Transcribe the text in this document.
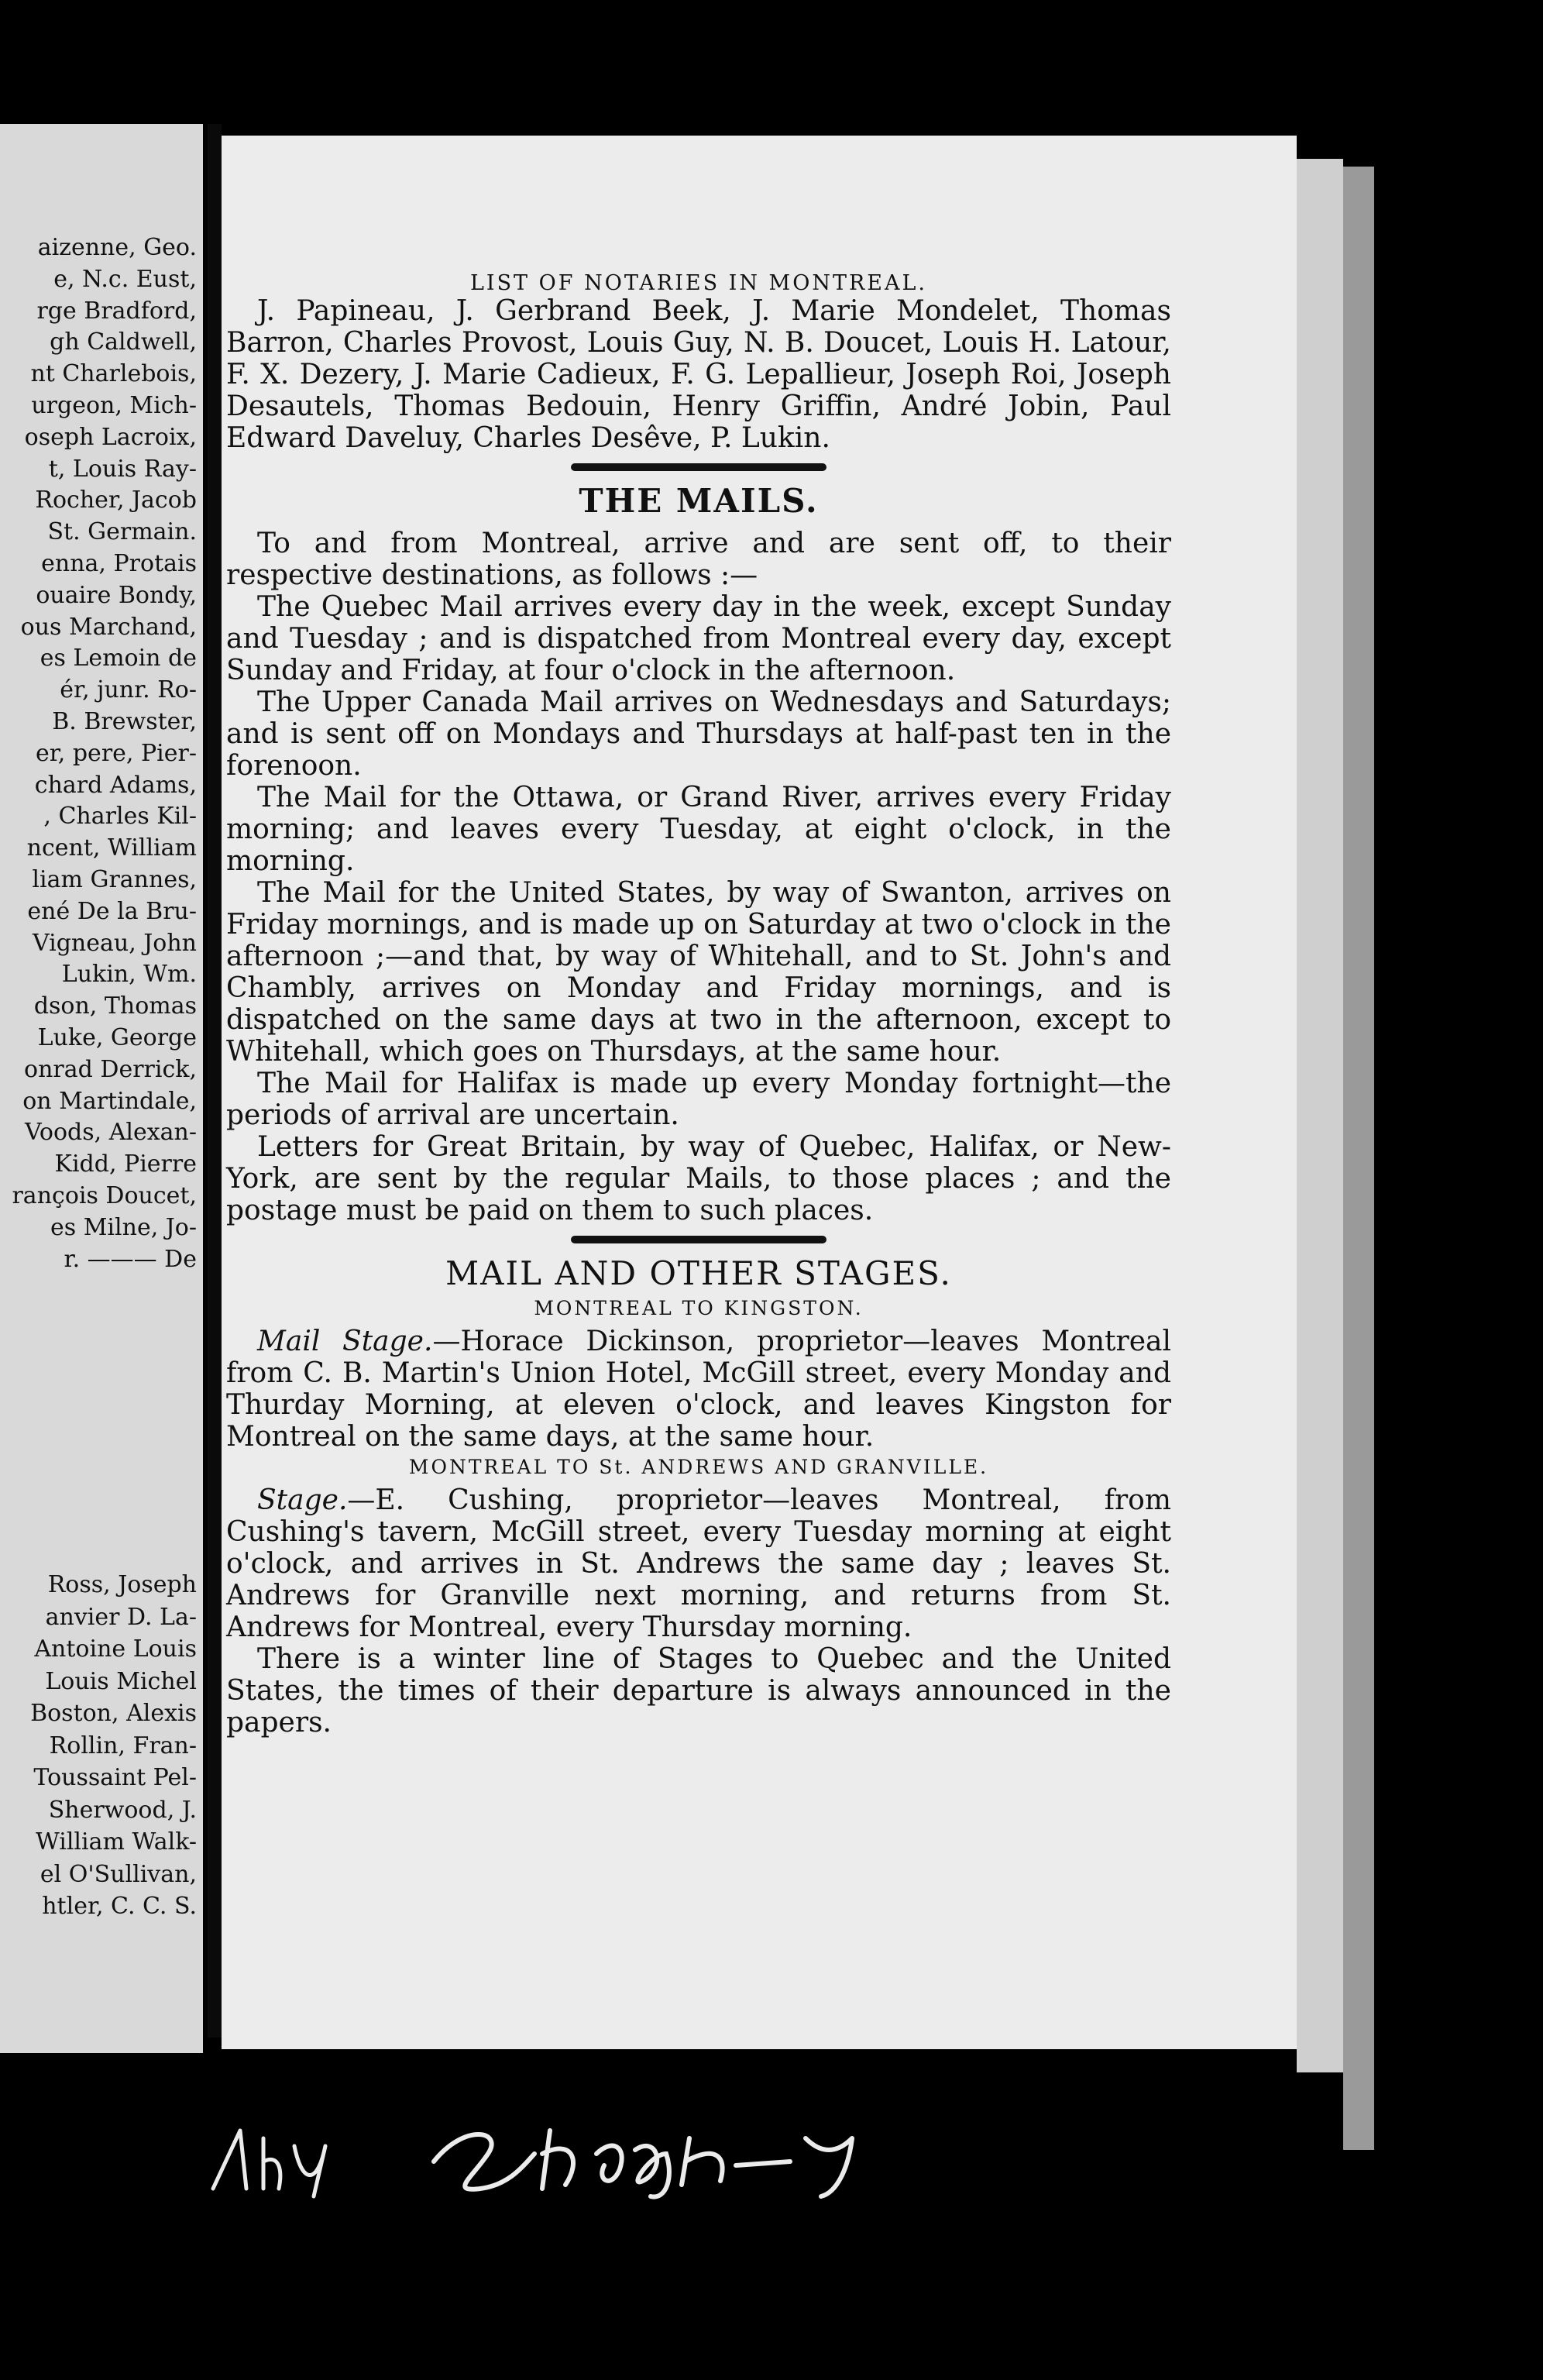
aizenne, Geo.
e, N.c. Eust,
rge Bradford,
gh Caldwell,
nt Charlebois,
urgeon, Mich-
oseph Lacroix,
t, Louis Ray-
Rocher, Jacob
St. Germain.
enna, Protais
ouaire Bondy,
ous Marchand,
es Lemoin de
ér, junr. Ro-
B. Brewster,
er, pere, Pier-
chard Adams,
, Charles Kil-
ncent, William
liam Grannes,
ené De la Bru-
Vigneau, John
Lukin, Wm.
dson, Thomas
Luke, George
onrad Derrick,
on Martindale,
Voods, Alexan-
Kidd, Pierre
rançois Doucet,
es Milne, Jo-
r. ——— De
Ross, Joseph
anvier D. La-
Antoine Louis
Louis Michel
Boston, Alexis
Rollin, Fran-
Toussaint Pel-
Sherwood, J.
William Walk-
el O'Sullivan,
htler, C. C. S.

LIST OF NOTARIES IN MONTREAL.

J. Papineau, J. Gerbrand Beek, J. Marie Mondelet, Thomas Barron, Charles Provost, Louis Guy, N. B. Doucet, Louis H. Latour, F. X. Dezery, J. Marie Cadieux, F. G. Lepallieur, Joseph Roi, Joseph Desautels, Thomas Bedouin, Henry Griffin, André Jobin, Paul Edward Daveluy, Charles Desêve, P. Lukin.

THE MAILS.

To and from Montreal, arrive and are sent off, to their respective destinations, as follows :—

The Quebec Mail arrives every day in the week, except Sunday and Tuesday ; and is dispatched from Montreal every day, except Sunday and Friday, at four o'clock in the afternoon.

The Upper Canada Mail arrives on Wednesdays and Saturdays; and is sent off on Mondays and Thursdays at half-past ten in the forenoon.

The Mail for the Ottawa, or Grand River, arrives every Friday morning; and leaves every Tuesday, at eight o'clock, in the morning.

The Mail for the United States, by way of Swanton, arrives on Friday mornings, and is made up on Saturday at two o'clock in the afternoon ;—and that, by way of Whitehall, and to St. John's and Chambly, arrives on Monday and Friday mornings, and is dispatched on the same days at two in the afternoon, except to Whitehall, which goes on Thursdays, at the same hour.

The Mail for Halifax is made up every Monday fortnight—the periods of arrival are uncertain.

Letters for Great Britain, by way of Quebec, Halifax, or New-York, are sent by the regular Mails, to those places ; and the postage must be paid on them to such places.

MAIL AND OTHER STAGES.

MONTREAL TO KINGSTON.

Mail Stage.—Horace Dickinson, proprietor—leaves Montreal from C. B. Martin's Union Hotel, McGill street, every Monday and Thurday Morning, at eleven o'clock, and leaves Kingston for Montreal on the same days, at the same hour.

MONTREAL TO St. ANDREWS AND GRANVILLE.

Stage.—E. Cushing, proprietor—leaves Montreal, from Cushing's tavern, McGill street, every Tuesday morning at eight o'clock, and arrives in St. Andrews the same day ; leaves St. Andrews for Granville next morning, and returns from St. Andrews for Montreal, every Thursday morning.

There is a winter line of Stages to Quebec and the United States, the times of their departure is always announced in the papers.
